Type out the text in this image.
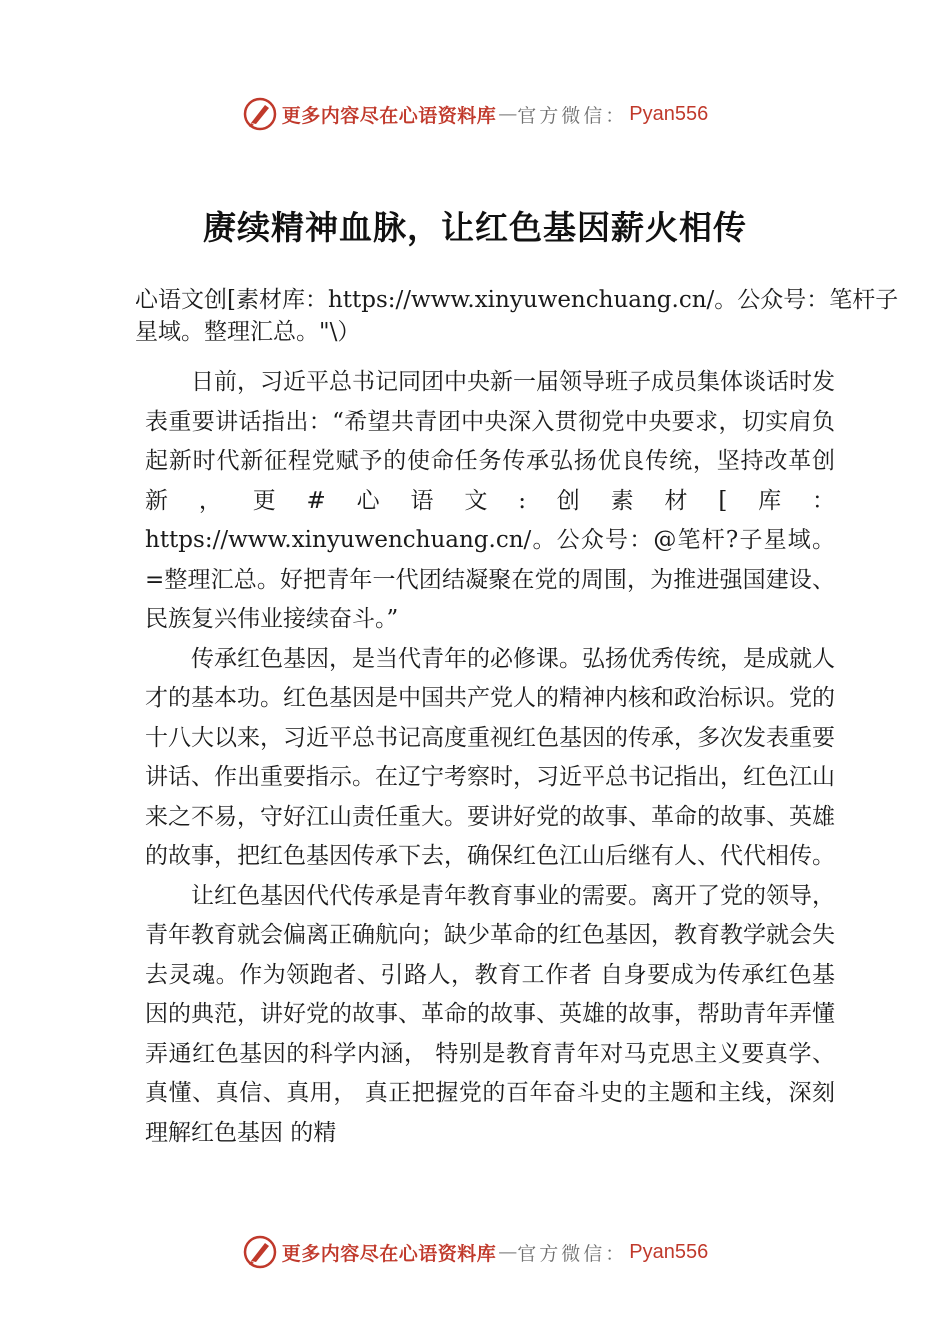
更多内容尽在心语资料库 — 官方微信： Pyan556
赓续精神血脉，让红色基因薪火相传
心语文创[素材库：https://www.xinyuwenchuang.cn/。公众号：笔杆子星域。整理汇总。"\）

日前，习近平总书记同团中央新一届领导班子成员集体谈话时发表重要讲话指出：“希望共青团中央深入贯彻党中央要求，切实肩负起新时代新征程党赋予的使命任务传承弘扬优良传统，坚持改革创新，更#心语文:创素材[库：https://www.xinyuwenchuang.cn/。公众号：@笔杆?子星域。=整理汇总。好把青年一代团结凝聚在党的周围，为推进强国建设、民族复兴伟业接续奋斗。”

传承红色基因，是当代青年的必修课。弘扬优秀传统，是成就人才的基本功。红色基因是中国共产党人的精神内核和政治标识。党的十八大以来，习近平总书记高度重视红色基因的传承，多次发表重要讲话、作出重要指示。在辽宁考察时，习近平总书记指出，红色江山来之不易，守好江山责任重大。要讲好党的故事、革命的故事、英雄的故事，把红色基因传承下去，确保红色江山后继有人、代代相传。

让红色基因代代传承是青年教育事业的需要。离开了党的领导，青年教育就会偏离正确航向；缺少革命的红色基因，教育教学就会失去灵魂。作为领跑者、引路人，教育工作者 自身要成为传承红色基因的典范，讲好党的故事、革命的故事、英雄的故事，帮助青年弄懂弄通红色基因的科学内涵， 特别是教育青年对马克思主义要真学、真懂、真信、真用， 真正把握党的百年奋斗史的主题和主线，深刻理解红色基因 的精

更多内容尽在心语资料库 — 官方微信： Pyan556
